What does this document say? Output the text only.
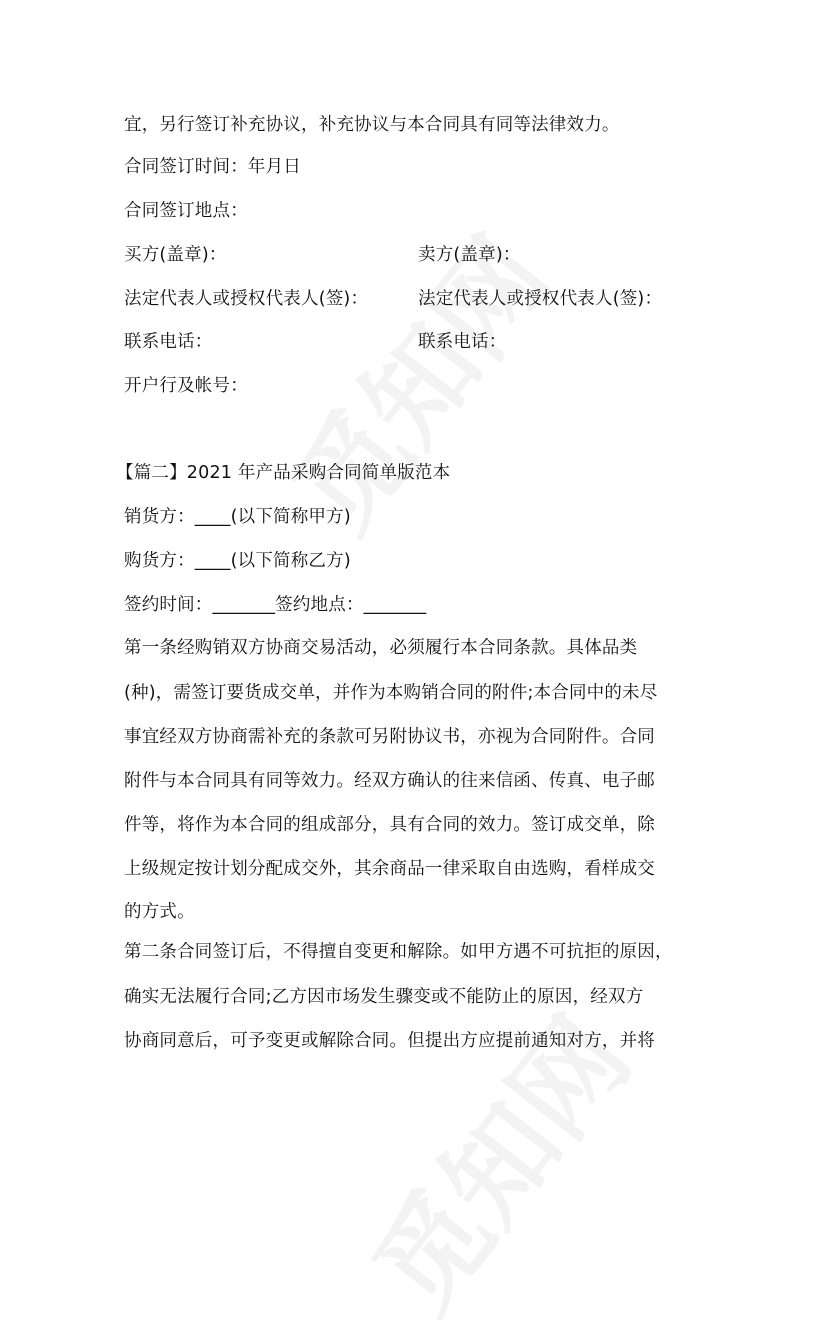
宜，另行签订补充协议，补充协议与本合同具有同等法律效力。
合同签订时间：年月日
合同签订地点：
买方(盖章)：	卖方(盖章)：
法定代表人或授权代表人(签)：	法定代表人或授权代表人(签)：
联系电话：	联系电话：
开户行及帐号：
【篇二】2021 年产品采购合同简单版范本
销货方：____(以下简称甲方)
购货方：____(以下简称乙方)
签约时间：_______签约地点：_______
第一条经购销双方协商交易活动，必须履行本合同条款。具体品类
(种)，需签订要货成交单，并作为本购销合同的附件;本合同中的未尽
事宜经双方协商需补充的条款可另附协议书，亦视为合同附件。合同
附件与本合同具有同等效力。经双方确认的往来信函、传真、电子邮
件等，将作为本合同的组成部分，具有合同的效力。签订成交单，除
上级规定按计划分配成交外，其余商品一律采取自由选购，看样成交
的方式。
第二条合同签订后，不得擅自变更和解除。如甲方遇不可抗拒的原因，
确实无法履行合同;乙方因市场发生骤变或不能防止的原因，经双方
协商同意后，可予变更或解除合同。但提出方应提前通知对方，并将
